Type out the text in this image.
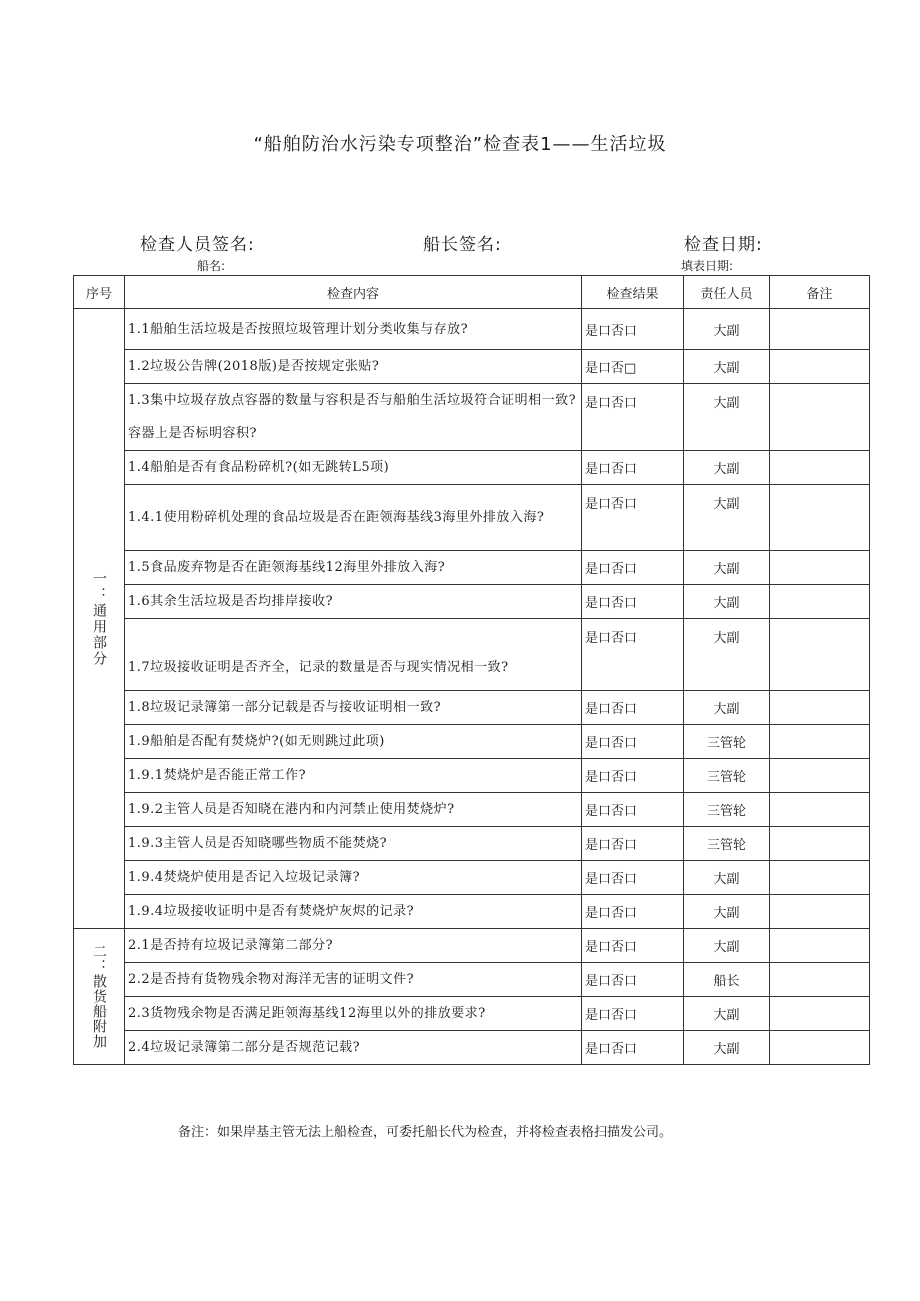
“船舶防治水污染专项整治”检查表1——生活垃圾
检查人员签名:	船长签名:	检查日期:
船名:	填表日期:
序号	检查内容	检查结果	责任人员	备注
一：通用部分	1.1船舶生活垃圾是否按照垃圾管理计划分类收集与存放?	是口否口	大副	
	1.2垃圾公告牌(2018版)是否按规定张贴?	是口否□	大副	
	1.3集中垃圾存放点容器的数量与容积是否与船舶生活垃圾符合证明相一致?容器上是否标明容积?	是口否口	大副	
	1.4船舶是否有食品粉碎机?(如无跳转L5项)	是口否口	大副	
	1.4.1使用粉碎机处理的食品垃圾是否在距领海基线3海里外排放入海?	是口否口	大副	
	1.5食品废弃物是否在距领海基线12海里外排放入海?	是口否口	大副	
	1.6其余生活垃圾是否均排岸接收?	是口否口	大副	
	1.7垃圾接收证明是否齐全，记录的数量是否与现实情况相一致?	是口否口	大副	
	1.8垃圾记录簿第一部分记载是否与接收证明相一致?	是口否口	大副	
	1.9船舶是否配有焚烧炉?(如无则跳过此项)	是口否口	三管轮	
	1.9.1焚烧炉是否能正常工作?	是口否口	三管轮	
	1.9.2主管人员是否知晓在港内和内河禁止使用焚烧炉?	是口否口	三管轮	
	1.9.3主管人员是否知晓哪些物质不能焚烧?	是口否口	三管轮	
	1.9.4焚烧炉使用是否记入垃圾记录簿?	是口否口	大副	
	1.9.4垃圾接收证明中是否有焚烧炉灰烬的记录?	是口否口	大副	
二：散货船附加	2.1是否持有垃圾记录簿第二部分?	是口否口	大副	
	2.2是否持有货物残余物对海洋无害的证明文件?	是口否口	船长	
	2.3货物残余物是否满足距领海基线12海里以外的排放要求?	是口否口	大副	
	2.4垃圾记录簿第二部分是否规范记载?	是口否口	大副	
备注：如果岸基主管无法上船检查，可委托船长代为检查，并将检查表格扫描发公司。
